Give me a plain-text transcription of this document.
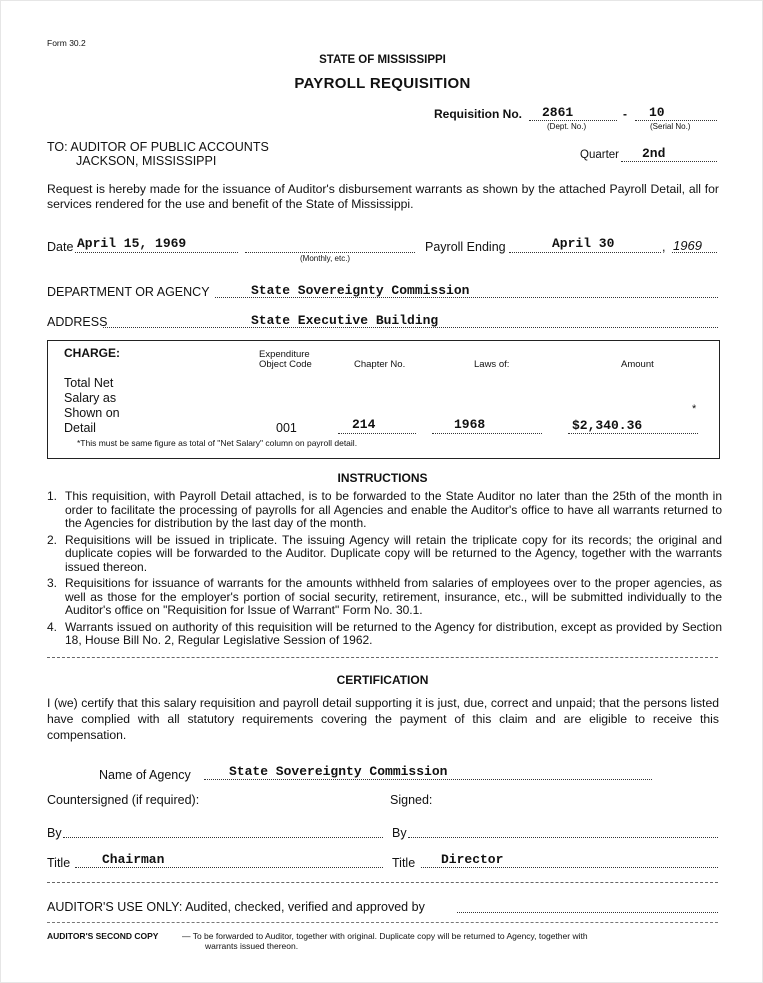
Form 30.2
STATE OF MISSISSIPPI
PAYROLL REQUISITION
Requisition No. 2861	- 10
(Dept. No.)	(Serial No.)
TO: AUDITOR OF PUBLIC ACCOUNTS
JACKSON, MISSISSIPPI	Quarter 2nd
Request is hereby made for the issuance of Auditor's disbursement warrants as shown by the attached Payroll Detail, all for services rendered for the use and benefit of the State of Mississippi.
Date April 15, 1969
(Monthly, etc.)
Payroll Ending	April 30	, 1969
DEPARTMENT OR AGENCY	State Sovereignty Commission
ADDRESS	State Executive Building
CHARGE:	Expenditure
Object Code	Chapter No.	Laws of:	Amount
Total Net
Salary as
Shown on
Detail	001	214	1968	$2,340.36
*
*This must be same figure as total of "Net Salary" column on payroll detail.
INSTRUCTIONS
1. This requisition, with Payroll Detail attached, is to be forwarded to the State Auditor no later than the 25th of the month in order to facilitate the processing of payrolls for all Agencies and enable the Auditor's office to have all warrants returned to the Agencies for distribution by the last day of the month.
2. Requisitions will be issued in triplicate. The issuing Agency will retain the triplicate copy for its records; the original and duplicate copies will be forwarded to the Auditor. Duplicate copy will be returned to the Agency, together with the warrants issued thereon.
3. Requisitions for issuance of warrants for the amounts withheld from salaries of employees over to the proper agencies, as well as those for the employer's portion of social security, retirement, insurance, etc., will be submitted individually to the Auditor's office on "Requisition for Issue of Warrant" Form No. 30.1.
4. Warrants issued on authority of this requisition will be returned to the Agency for distribution, except as provided by Section 18, House Bill No. 2, Regular Legislative Session of 1962.
CERTIFICATION
I (we) certify that this salary requisition and payroll detail supporting it is just, due, correct and unpaid; that the persons listed have complied with all statutory requirements covering the payment of this claim and are eligible to receive this compensation.
Name of Agency	State Sovereignty Commission
Countersigned (if required):	Signed:
By	By
Title Chairman	Title Director
AUDITOR'S USE ONLY: Audited, checked, verified and approved by
AUDITOR'S SECOND COPY	— To be forwarded to Auditor, together with original. Duplicate copy will be returned to Agency, together with
warrants issued thereon.
